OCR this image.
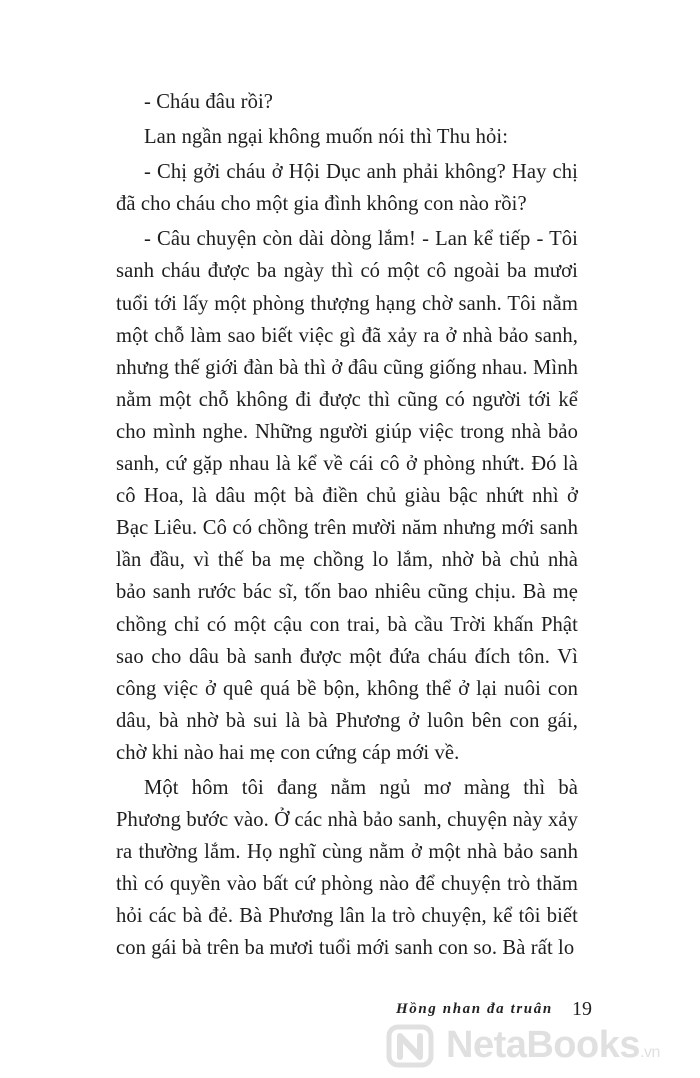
- Cháu đâu rồi?

Lan ngần ngại không muốn nói thì Thu hỏi:

- Chị gởi cháu ở Hội Dục anh phải không? Hay chị
đã cho cháu cho một gia đình không con nào rồi?

- Câu chuyện còn dài dòng lắm! - Lan kể tiếp - Tôi
sanh cháu được ba ngày thì có một cô ngoài ba mươi
tuổi tới lấy một phòng thượng hạng chờ sanh. Tôi nằm
một chỗ làm sao biết việc gì đã xảy ra ở nhà bảo sanh,
nhưng thế giới đàn bà thì ở đâu cũng giống nhau. Mình
nằm một chỗ không đi được thì cũng có người tới kể
cho mình nghe. Những người giúp việc trong nhà bảo
sanh, cứ gặp nhau là kể về cái cô ở phòng nhứt. Đó là
cô Hoa, là dâu một bà điền chủ giàu bậc nhứt nhì ở
Bạc Liêu. Cô có chồng trên mười năm nhưng mới sanh
lần đầu, vì thế ba mẹ chồng lo lắm, nhờ bà chủ nhà
bảo sanh rước bác sĩ, tốn bao nhiêu cũng chịu. Bà mẹ
chồng chỉ có một cậu con trai, bà cầu Trời khấn Phật
sao cho dâu bà sanh được một đứa cháu đích tôn. Vì
công việc ở quê quá bề bộn, không thể ở lại nuôi con
dâu, bà nhờ bà sui là bà Phương ở luôn bên con gái,
chờ khi nào hai mẹ con cứng cáp mới về.

Một hôm tôi đang nằm ngủ mơ màng thì bà
Phương bước vào. Ở các nhà bảo sanh, chuyện này xảy
ra thường lắm. Họ nghĩ cùng nằm ở một nhà bảo sanh
thì có quyền vào bất cứ phòng nào để chuyện trò thăm
hỏi các bà đẻ. Bà Phương lân la trò chuyện, kể tôi biết
con gái bà trên ba mươi tuổi mới sanh con so. Bà rất lo

Hồng nhan đa truân 19
NetaBooks.vn
